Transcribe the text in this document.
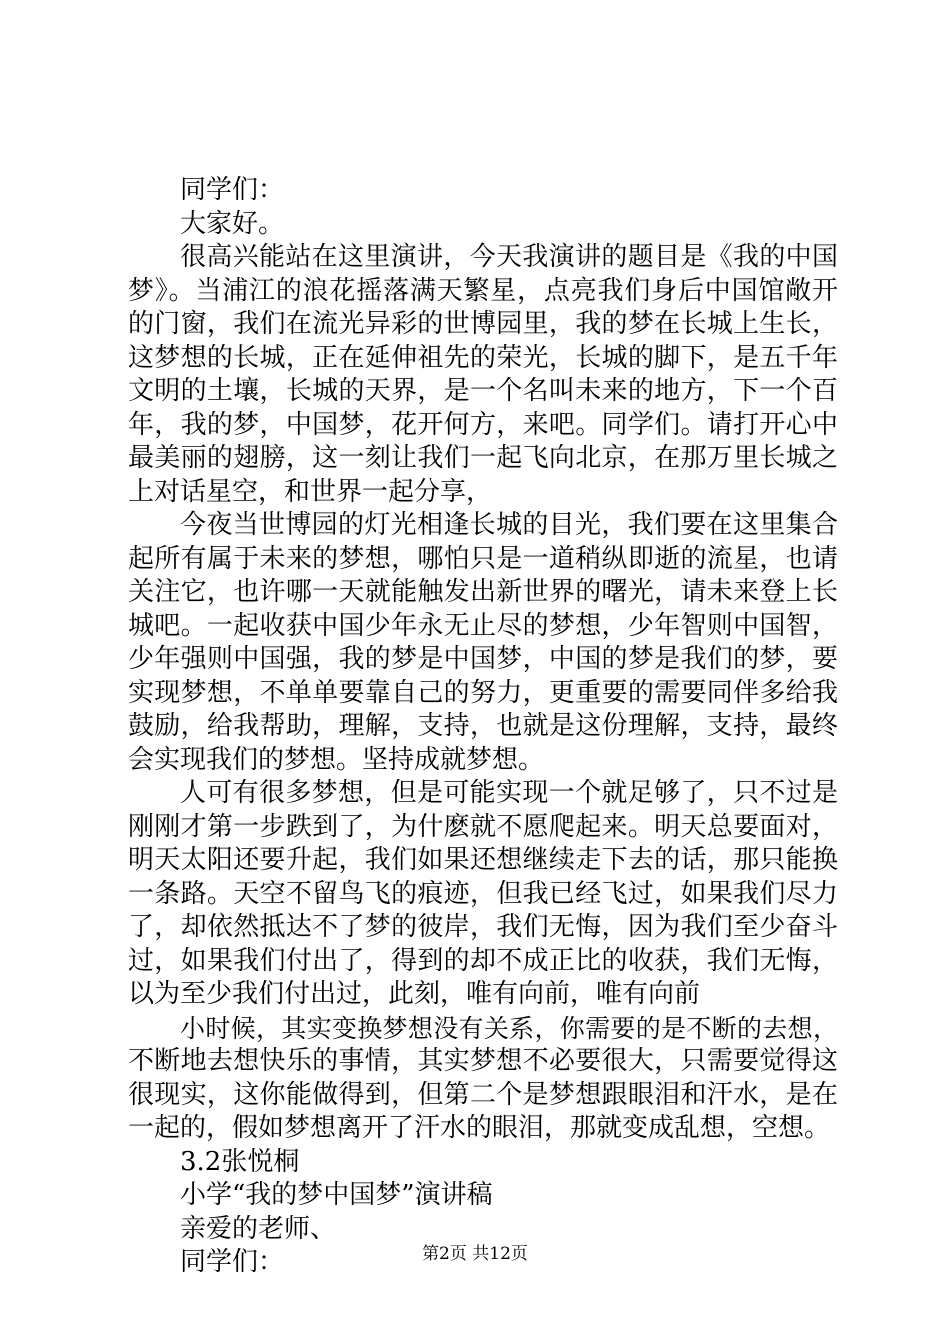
同学们：
大家好。
很高兴能站在这里演讲，今天我演讲的题目是《我的中国
梦》。当浦江的浪花摇落满天繁星，点亮我们身后中国馆敞开
的门窗，我们在流光异彩的世博园里，我的梦在长城上生长，
这梦想的长城，正在延伸祖先的荣光，长城的脚下，是五千年
文明的土壤，长城的天界，是一个名叫未来的地方，下一个百
年，我的梦，中国梦，花开何方，来吧。同学们。请打开心中
最美丽的翅膀，这一刻让我们一起飞向北京，在那万里长城之
上对话星空，和世界一起分享，
今夜当世博园的灯光相逢长城的目光，我们要在这里集合
起所有属于未来的梦想，哪怕只是一道稍纵即逝的流星，也请
关注它，也许哪一天就能触发出新世界的曙光，请未来登上长
城吧。一起收获中国少年永无止尽的梦想，少年智则中国智，
少年强则中国强，我的梦是中国梦，中国的梦是我们的梦，要
实现梦想，不单单要靠自己的努力，更重要的需要同伴多给我
鼓励，给我帮助，理解，支持，也就是这份理解，支持，最终
会实现我们的梦想。坚持成就梦想。
人可有很多梦想，但是可能实现一个就足够了，只不过是
刚刚才第一步跌到了，为什麽就不愿爬起来。明天总要面对，
明天太阳还要升起，我们如果还想继续走下去的话，那只能换
一条路。天空不留鸟飞的痕迹，但我已经飞过，如果我们尽力
了，却依然抵达不了梦的彼岸，我们无悔，因为我们至少奋斗
过，如果我们付出了，得到的却不成正比的收获，我们无悔，
以为至少我们付出过，此刻，唯有向前，唯有向前
小时候，其实变换梦想没有关系，你需要的是不断的去想，
不断地去想快乐的事情，其实梦想不必要很大，只需要觉得这
很现实，这你能做得到，但第二个是梦想跟眼泪和汗水，是在
一起的，假如梦想离开了汗水的眼泪，那就变成乱想，空想。
3.2张悦桐
小学“我的梦中国梦”演讲稿
亲爱的老师、
同学们：	第2页 共12页
